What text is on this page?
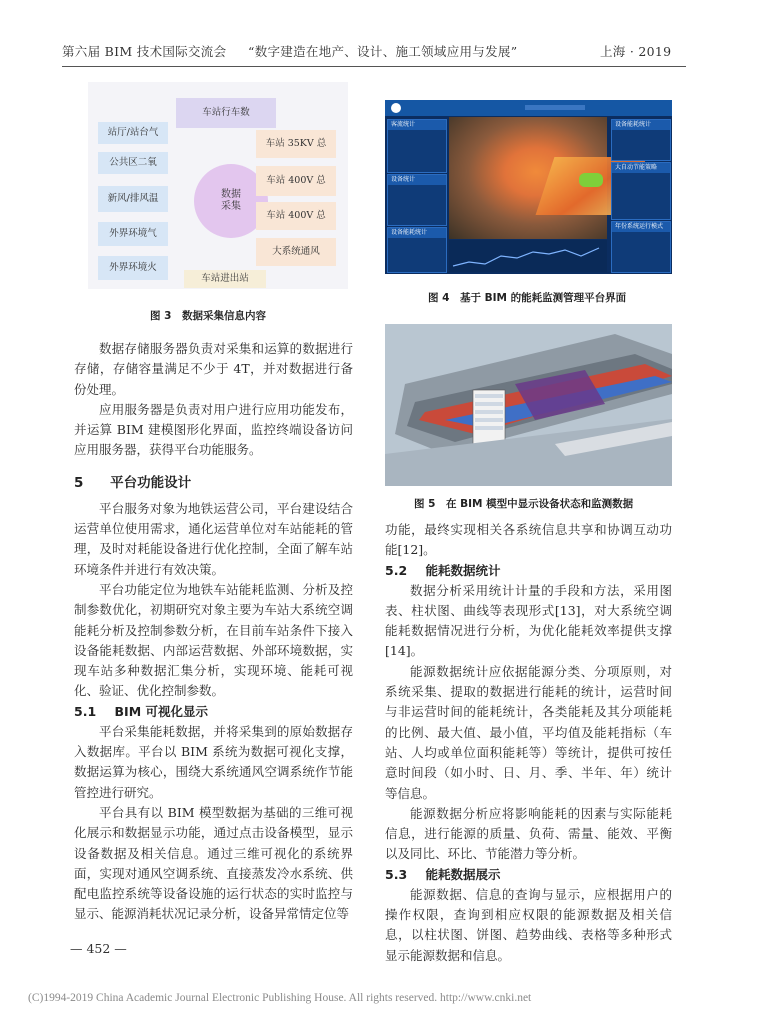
第六届 BIM 技术国际交流会 “数字建造在地产、设计、施工领域应用与发展”	上海 · 2019
车站行车数
站厅/站台气
公共区二氧
新风/排风温
外界环境气
外界环境火
数据
采集
车站 35KV 总
车站 400V 总
车站 400V 总
大系统通风
车站进出站
图 3　数据采集信息内容
客流统计
设备统计
设备能耗统计
设备能耗统计
大自动节能策略
年份系统运行模式
图 4　基于 BIM 的能耗监测管理平台界面
图 5　在 BIM 模型中显示设备状态和监测数据

数据存储服务器负责对采集和运算的数据进行存储，存储容量满足不少于 4T，并对数据进行备份处理。

应用服务器是负责对用户进行应用功能发布，并运算 BIM 建模图形化界面，监控终端设备访问应用服务器，获得平台功能服务。

5 平台功能设计

平台服务对象为地铁运营公司，平台建设结合运营单位使用需求，通化运营单位对车站能耗的管理，及时对耗能设备进行优化控制，全面了解车站环境条件并进行有效决策。

平台功能定位为地铁车站能耗监测、分析及控制参数优化，初期研究对象主要为车站大系统空调能耗分析及控制参数分析，在目前车站条件下接入设备能耗数据、内部运营数据、外部环境数据，实现车站多种数据汇集分析，实现环境、能耗可视化、验证、优化控制参数。

5.1 BIM 可视化显示

平台采集能耗数据，并将采集到的原始数据存入数据库。平台以 BIM 系统为数据可视化支撑，数据运算为核心，围绕大系统通风空调系统作节能管控进行研究。

平台具有以 BIM 模型数据为基础的三维可视化展示和数据显示功能，通过点击设备模型，显示设备数据及相关信息。通过三维可视化的系统界面，实现对通风空调系统、直接蒸发冷水系统、供配电监控系统等设备设施的运行状态的实时监控与显示、能源消耗状况记录分析，设备异常情定位等

功能，最终实现相关各系统信息共享和协调互动功能[12]。

5.2 能耗数据统计

数据分析采用统计计量的手段和方法，采用图表、柱状图、曲线等表现形式[13]，对大系统空调能耗数据情况进行分析，为优化能耗效率提供支撑[14]。

能源数据统计应依据能源分类、分项原则，对系统采集、提取的数据进行能耗的统计，运营时间与非运营时间的能耗统计，各类能耗及其分项能耗的比例、最大值、最小值，平均值及能耗指标（车站、人均或单位面积能耗等）等统计，提供可按任意时间段（如小时、日、月、季、半年、年）统计等信息。

能源数据分析应将影响能耗的因素与实际能耗信息，进行能源的质量、负荷、需量、能效、平衡以及同比、环比、节能潜力等分析。

5.3 能耗数据展示

能源数据、信息的查询与显示，应根据用户的操作权限，查询到相应权限的能源数据及相关信息，以柱状图、饼图、趋势曲线、表格等多种形式显示能源数据和信息。

— 452 —
(C)1994-2019 China Academic Journal Electronic Publishing House. All rights reserved. http://www.cnki.net
